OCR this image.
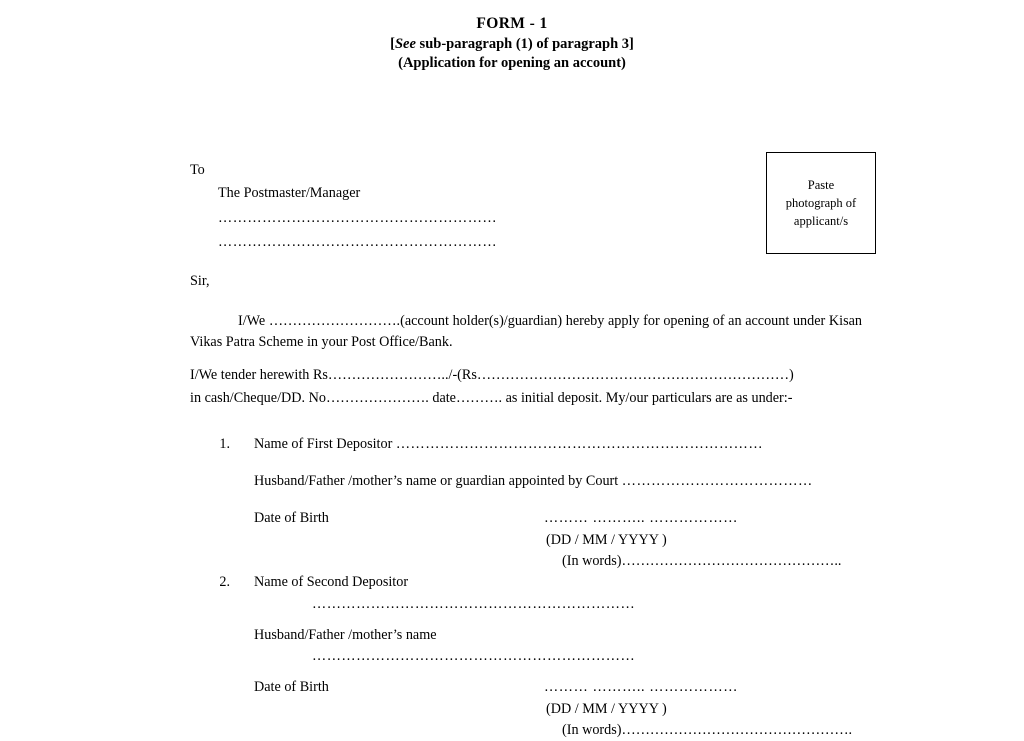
FORM - 1
[See sub-paragraph (1) of paragraph 3]
(Application for opening an account)
Paste
photograph of
applicant/s
To
The Postmaster/Manager
…………………………………………………
…………………………………………………
Sir,
I/We ……………………….(account holder(s)/guardian) hereby apply for opening of an account under Kisan Vikas Patra Scheme in your Post Office/Bank.
I/We tender herewith Rs……………………../-(Rs…………………………………………………………)
in cash/Cheque/DD. No…………………. date………. as initial deposit. My/our particulars are as under:-
1. Name of First Depositor …………………………………………………………………
Husband/Father /mother’s name or guardian appointed by Court …………………………………
Date of Birth	……… ……….. ………………
(DD / MM / YYYY )
(In words)………………………………………..
2. Name of Second Depositor
…………………………………………………………
Husband/Father /mother’s name
…………………………………………………………
Date of Birth	……… ……….. ………………
(DD / MM / YYYY )
(In words)………………………………………….
